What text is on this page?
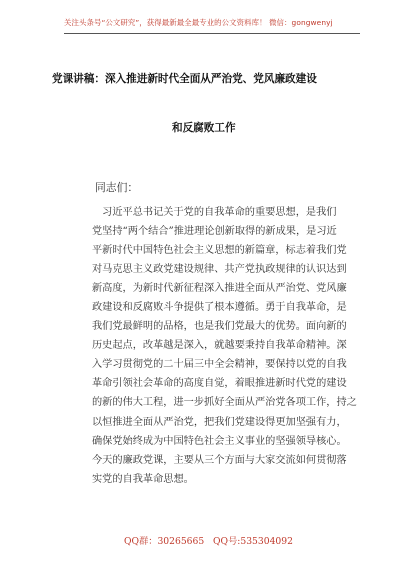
关注头条号“公文研究”，获得最新最全最专业的公文资料库！ 微信：gongwenyj
党课讲稿：深入推进新时代全面从严治党、党风廉政建设
和反腐败工作
同志们：
　习近平总书记关于党的自我革命的重要思想，是我们
党坚持“两个结合”推进理论创新取得的新成果，是习近
平新时代中国特色社会主义思想的新篇章，标志着我们党
对马克思主义政党建设规律、共产党执政规律的认识达到
新高度，为新时代新征程深入推进全面从严治党、党风廉
政建设和反腐败斗争提供了根本遵循。勇于自我革命，是
我们党最鲜明的品格，也是我们党最大的优势。面向新的
历史起点，改革越是深入，就越要秉持自我革命精神。深
入学习贯彻党的二十届三中全会精神，要保持以党的自我
革命引领社会革命的高度自觉，着眼推进新时代党的建设
的新的伟大工程，进一步抓好全面从严治党各项工作，持之
以恒推进全面从严治党，把我们党建设得更加坚强有力，
确保党始终成为中国特色社会主义事业的坚强领导核心。
今天的廉政党课，主要从三个方面与大家交流如何贯彻落
实党的自我革命思想。
QQ群：30265665 QQ号:535304092
